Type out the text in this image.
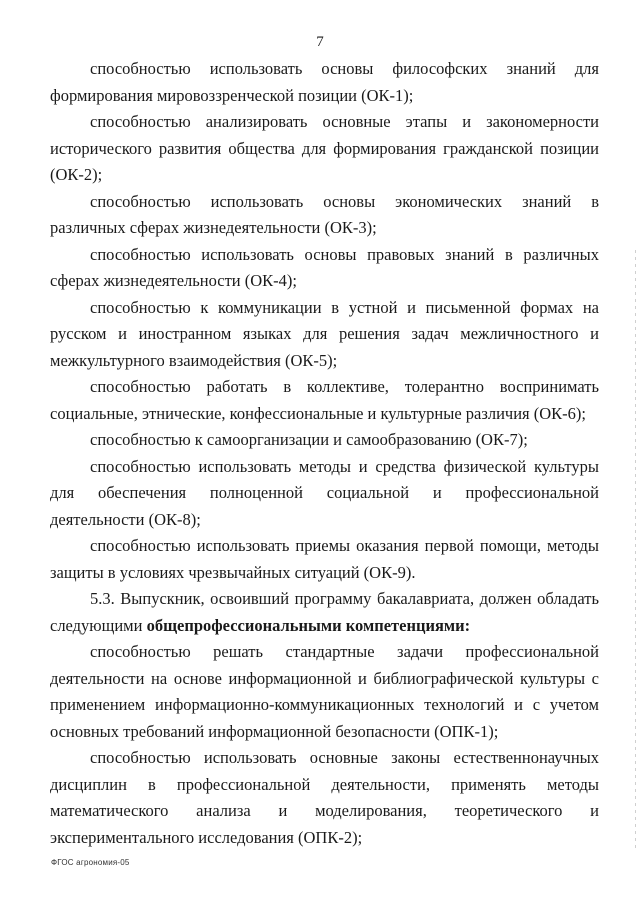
7

способностью использовать основы философских знаний для формирования мировоззренческой позиции (ОК-1);

способностью анализировать основные этапы и закономерности исторического развития общества для формирования гражданской позиции (ОК-2);

способностью использовать основы экономических знаний в различных сферах жизнедеятельности (ОК-3);

способностью использовать основы правовых знаний в различных сферах жизнедеятельности (ОК-4);

способностью к коммуникации в устной и письменной формах на русском и иностранном языках для решения задач межличностного и межкультурного взаимодействия (ОК-5);

способностью работать в коллективе, толерантно воспринимать социальные, этнические, конфессиональные и культурные различия (ОК-6);

способностью к самоорганизации и самообразованию (ОК-7);

способностью использовать методы и средства физической культуры для обеспечения полноценной социальной и профессиональной деятельности (ОК-8);

способностью использовать приемы оказания первой помощи, методы защиты в условиях чрезвычайных ситуаций (ОК-9).

5.3. Выпускник, освоивший программу бакалавриата, должен обладать следующими общепрофессиональными компетенциями:

способностью решать стандартные задачи профессиональной деятельности на основе информационной и библиографической культуры с применением информационно-коммуникационных технологий и с учетом основных требований информационной безопасности (ОПК-1);

способностью использовать основные законы естественнонаучных дисциплин в профессиональной деятельности, применять методы математического анализа и моделирования, теоретического и экспериментального исследования (ОПК-2);

ФГОС агрономия-05
